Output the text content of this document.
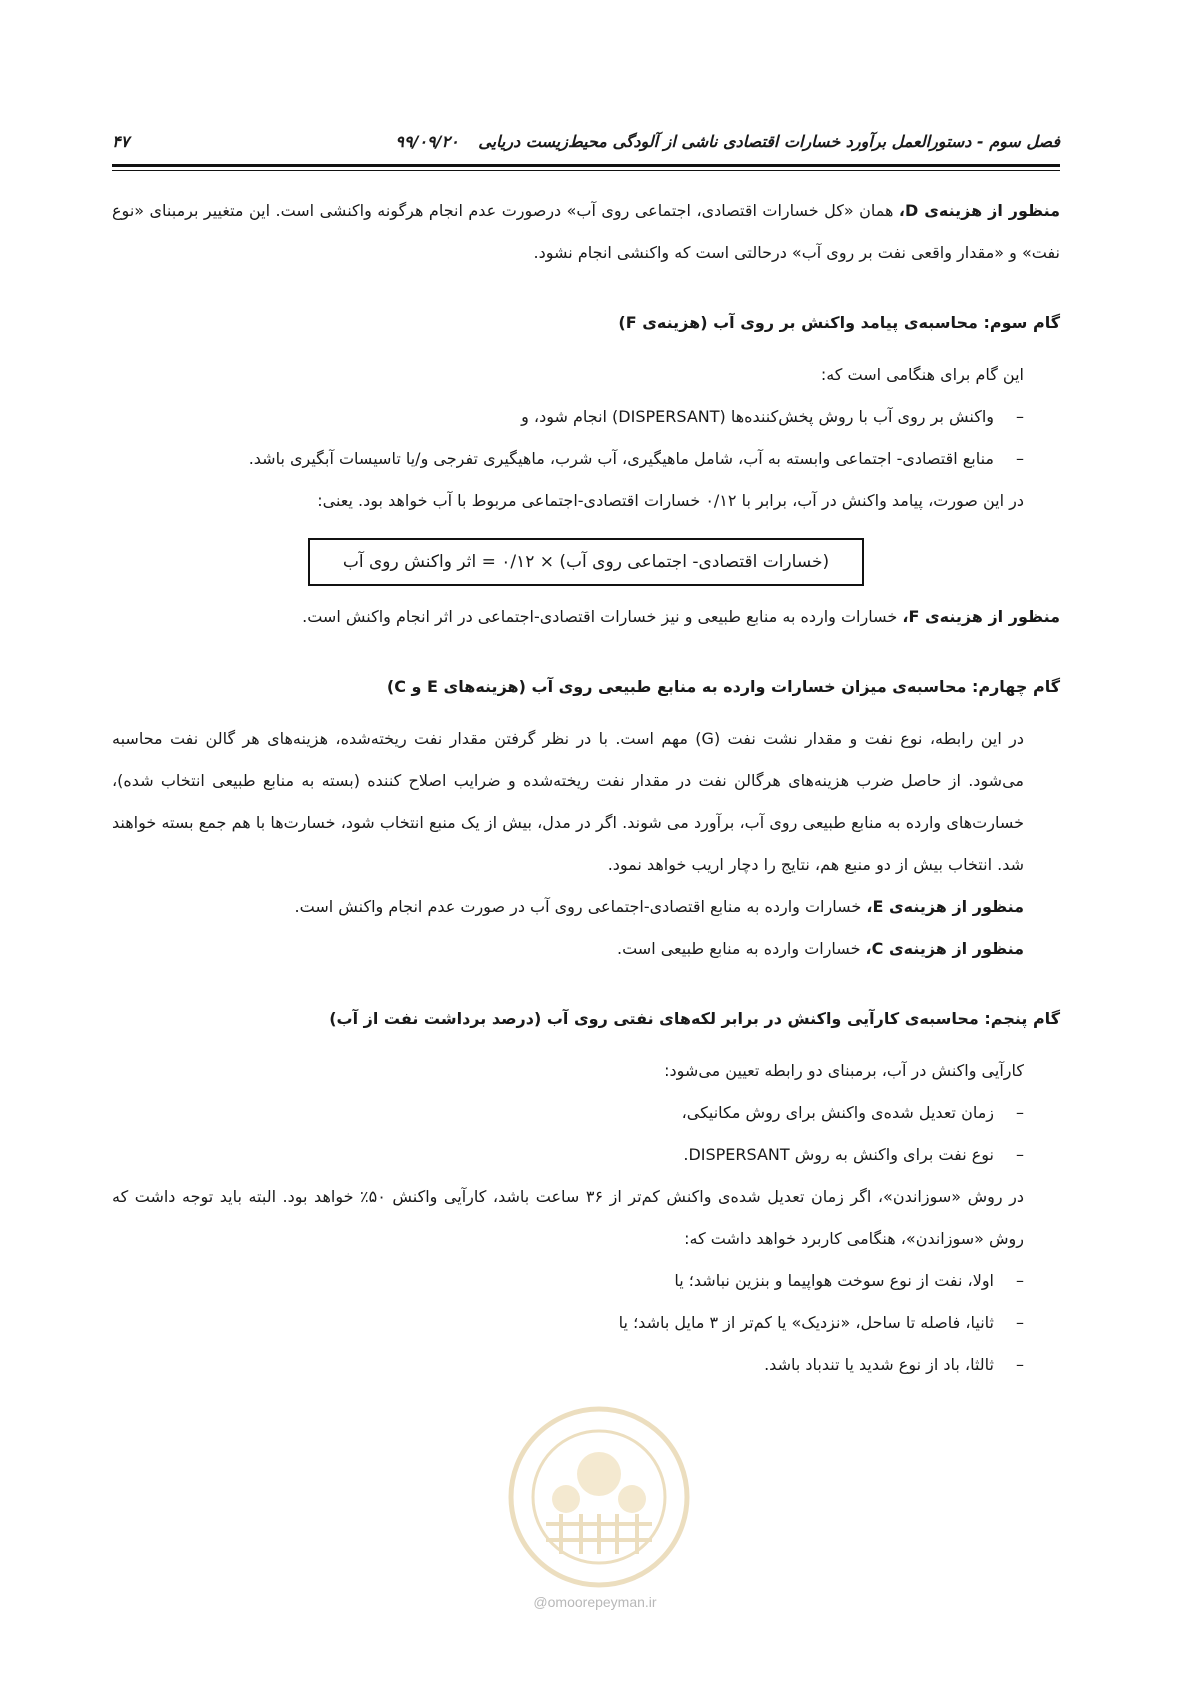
فصل سوم - دستورالعمل برآورد خسارات اقتصادی ناشی از آلودگی محیط‌زیست دریایی ۹۹/۰۹/۲۰
۴۷

منظور از هزینه‌ی D، همان «کل خسارات اقتصادی، اجتماعی روی آب» درصورت عدم انجام هرگونه واکنشی است. این متغییر برمبنای «نوع نفت» و «مقدار واقعی نفت بر روی آب» درحالتی است که واکنشی انجام نشود.

گام سوم: محاسبه‌ی پیامد واکنش بر روی آب (هزینه‌ی F)

این گام برای هنگامی است که:

– واکنش بر روی آب با روش پخش‌کننده‌ها (DISPERSANT) انجام شود، و
– منابع اقتصادی- اجتماعی وابسته به آب، شامل ماهیگیری، آب شرب، ماهیگیری تفرجی و/یا تاسیسات آبگیری باشد.

در این صورت، پیامد واکنش در آب، برابر با ۰/۱۲ خسارات اقتصادی-اجتماعی مربوط با آب خواهد بود. یعنی:

(خسارات اقتصادی- اجتماعی روی آب) × ۰/۱۲ = اثر واکنش روی آب

منظور از هزینه‌ی F، خسارات وارده به منابع طبیعی و نیز خسارات اقتصادی-اجتماعی در اثر انجام واکنش است.

گام چهارم: محاسبه‌ی میزان خسارات وارده به منابع طبیعی روی آب (هزینه‌های E و C)

در این رابطه، نوع نفت و مقدار نشت نفت (G) مهم است. با در نظر گرفتن مقدار نفت ریخته‌شده، هزینه‌های هر گالن نفت محاسبه می‌شود. از حاصل ضرب هزینه‌های هرگالن نفت در مقدار نفت ریخته‌شده و ضرایب اصلاح کننده (بسته به منابع طبیعی انتخاب شده)، خسارت‌های وارده به منابع طبیعی روی آب، برآورد می شوند. اگر در مدل، بیش از یک منبع انتخاب شود، خسارت‌ها با هم جمع بسته خواهند شد. انتخاب بیش از دو منبع هم، نتایج را دچار اریب خواهد نمود.

منظور از هزینه‌ی E، خسارات وارده به منابع اقتصادی-اجتماعی روی آب در صورت عدم انجام واکنش است.

منظور از هزینه‌ی C، خسارات وارده به منابع طبیعی است.

گام پنجم: محاسبه‌ی کارآیی واکنش در برابر لکه‌های نفتی روی آب (درصد برداشت نفت از آب)

کارآیی واکنش در آب، برمبنای دو رابطه تعیین می‌شود:

– زمان تعدیل شده‌ی واکنش برای روش مکانیکی،
– نوع نفت برای واکنش به روش DISPERSANT.

در روش «سوزاندن»، اگر زمان تعدیل شده‌ی واکنش کم‌تر از ۳۶ ساعت باشد، کارآیی واکنش ۵۰٪ خواهد بود. البته باید توجه داشت که روش «سوزاندن»، هنگامی کاربرد خواهد داشت که:

– اولا، نفت از نوع سوخت هواپیما و بنزین نباشد؛ یا
– ثانیا، فاصله تا ساحل، «نزدیک» یا کم‌تر از ۳ مایل باشد؛ یا
– ثالثا، باد از نوع شدید یا تندباد باشد.
@omoorepeyman.ir
